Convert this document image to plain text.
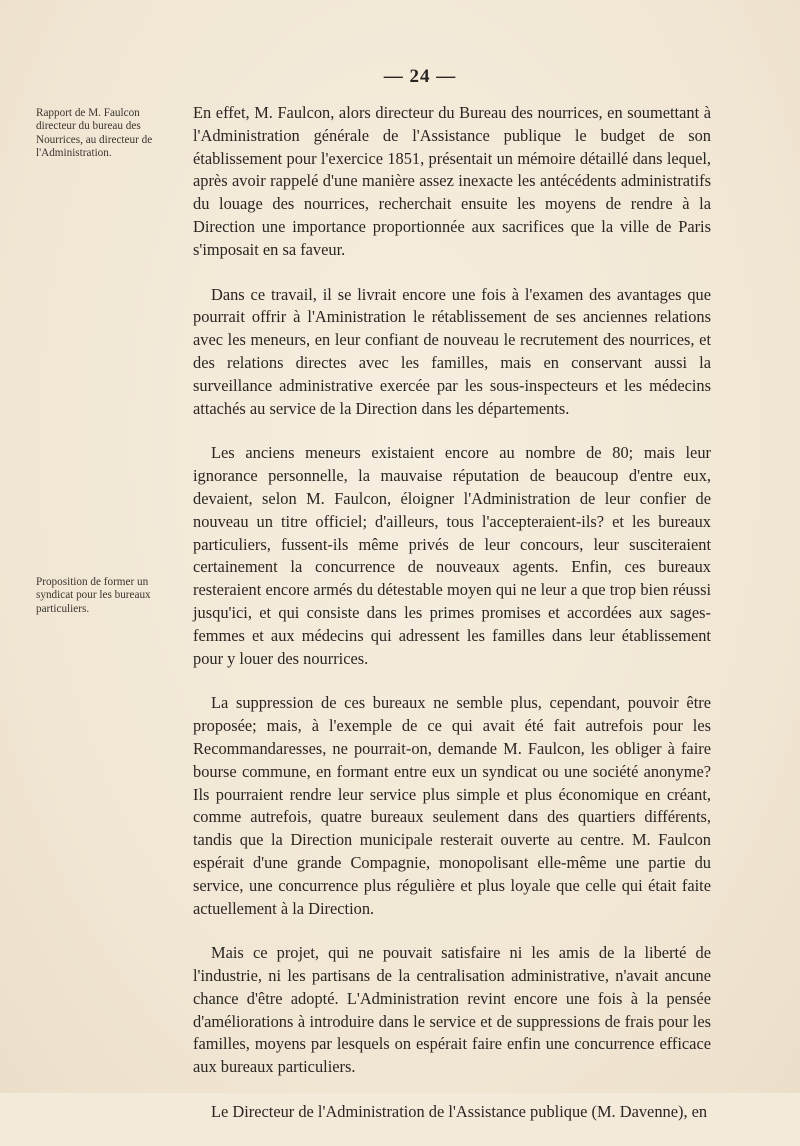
— 24 —
Rapport de M. Faulcon directeur du bureau des Nourrices, au directeur de l'Administration.
Proposition de former un syndicat pour les bureaux particuliers.

En effet, M. Faulcon, alors directeur du Bureau des nourrices, en soumettant à l'Administration générale de l'Assistance publique le budget de son établissement pour l'exercice 1851, présentait un mémoire détaillé dans lequel, après avoir rappelé d'une manière assez inexacte les antécédents administratifs du louage des nourrices, recherchait ensuite les moyens de rendre à la Direction une importance proportionnée aux sacrifices que la ville de Paris s'imposait en sa faveur.

Dans ce travail, il se livrait encore une fois à l'examen des avantages que pourrait offrir à l'Aministration le rétablissement de ses anciennes relations avec les meneurs, en leur confiant de nouveau le recrutement des nourrices, et des relations directes avec les familles, mais en conservant aussi la surveillance administrative exercée par les sous-inspecteurs et les médecins attachés au service de la Direction dans les départements.

Les anciens meneurs existaient encore au nombre de 80; mais leur ignorance personnelle, la mauvaise réputation de beaucoup d'entre eux, devaient, selon M. Faulcon, éloigner l'Administration de leur confier de nouveau un titre officiel; d'ailleurs, tous l'accepteraient-ils? et les bureaux particuliers, fussent-ils même privés de leur concours, leur susciteraient certainement la concurrence de nouveaux agents. Enfin, ces bureaux resteraient encore armés du détestable moyen qui ne leur a que trop bien réussi jusqu'ici, et qui consiste dans les primes promises et accordées aux sages-femmes et aux médecins qui adressent les familles dans leur établissement pour y louer des nourrices.

La suppression de ces bureaux ne semble plus, cependant, pouvoir être proposée; mais, à l'exemple de ce qui avait été fait autrefois pour les Recommandaresses, ne pourrait-on, demande M. Faulcon, les obliger à faire bourse commune, en formant entre eux un syndicat ou une société anonyme? Ils pourraient rendre leur service plus simple et plus économique en créant, comme autrefois, quatre bureaux seulement dans des quartiers différents, tandis que la Direction municipale resterait ouverte au centre. M. Faulcon espérait d'une grande Compagnie, monopolisant elle-même une partie du service, une concurrence plus régulière et plus loyale que celle qui était faite actuellement à la Direction.

Mais ce projet, qui ne pouvait satisfaire ni les amis de la liberté de l'industrie, ni les partisans de la centralisation administrative, n'avait ancune chance d'être adopté. L'Administration revint encore une fois à la pensée d'améliorations à introduire dans le service et de suppressions de frais pour les familles, moyens par lesquels on espérait faire enfin une concurrence efficace aux bureaux particuliers.

Le Directeur de l'Administration de l'Assistance publique (M. Davenne), en
